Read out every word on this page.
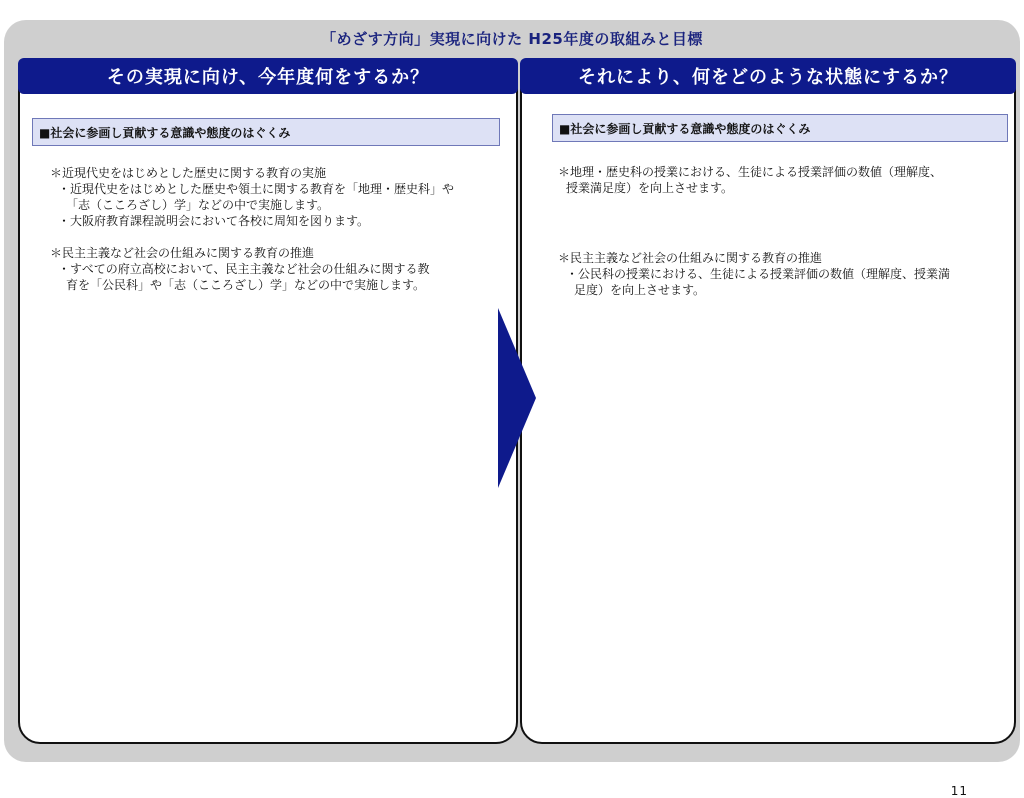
「めざす方向」実現に向けた H25年度の取組みと目標
その実現に向け、今年度何をするか？
■社会に参画し貢献する意識や態度のはぐくみ

＊近現代史をはじめとした歴史に関する教育の実施

・近現代史をはじめとした歴史や領土に関する教育を「地理・歴史科」や

「志（こころざし）学」などの中で実施します。

・大阪府教育課程説明会において各校に周知を図ります。

＊民主主義など社会の仕組みに関する教育の推進

・すべての府立高校において、民主主義など社会の仕組みに関する教

育を「公民科」や「志（こころざし）学」などの中で実施します。

それにより、何をどのような状態にするか？
■社会に参画し貢献する意識や態度のはぐくみ

＊地理・歴史科の授業における、生徒による授業評価の数値（理解度、

授業満足度）を向上させます。

＊民主主義など社会の仕組みに関する教育の推進

・公民科の授業における、生徒による授業評価の数値（理解度、授業満

足度）を向上させます。

11
